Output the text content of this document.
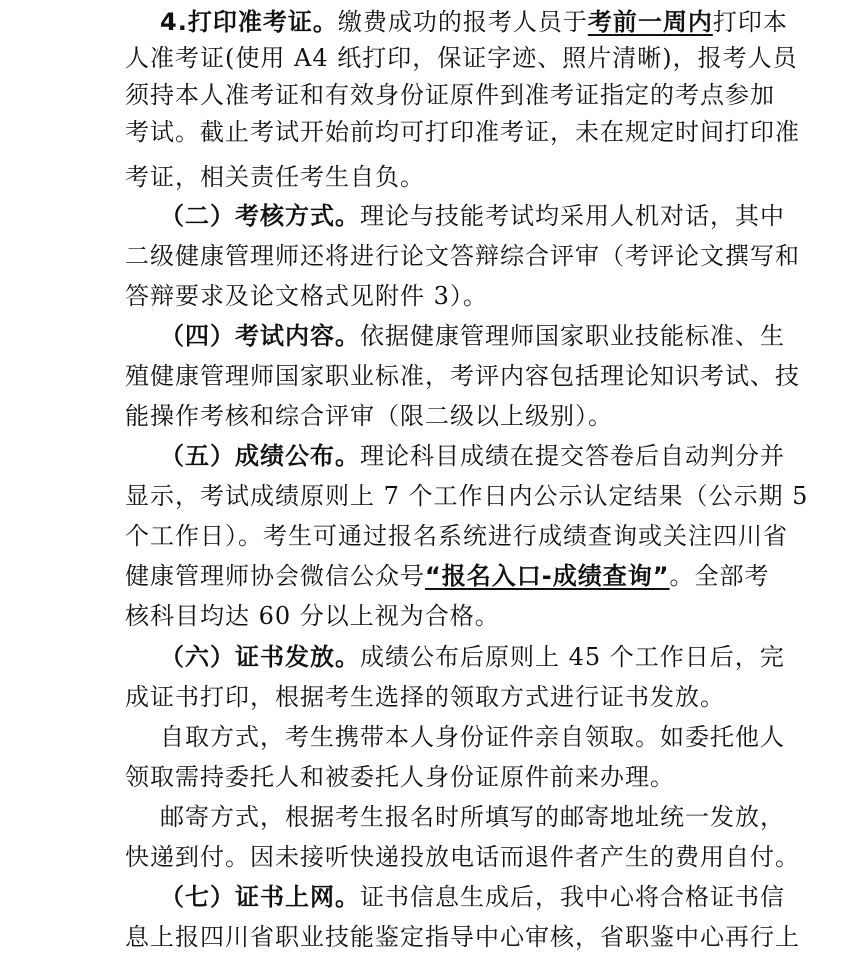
4.打印准考证。缴费成功的报考人员于考前一周内打印本
人准考证(使用 A4 纸打印，保证字迹、照片清晰)，报考人员
须持本人准考证和有效身份证原件到准考证指定的考点参加
考试。截止考试开始前均可打印准考证，未在规定时间打印准
考证，相关责任考生自负。
（二）考核方式。理论与技能考试均采用人机对话，其中
二级健康管理师还将进行论文答辩综合评审（考评论文撰写和
答辩要求及论文格式见附件 3）。
（四）考试内容。依据健康管理师国家职业技能标准、生
殖健康管理师国家职业标准，考评内容包括理论知识考试、技
能操作考核和综合评审（限二级以上级别）。
（五）成绩公布。理论科目成绩在提交答卷后自动判分并
显示，考试成绩原则上 7 个工作日内公示认定结果（公示期 5
个工作日）。考生可通过报名系统进行成绩查询或关注四川省
健康管理师协会微信公众号“报名入口-成绩查询”。全部考
核科目均达 60 分以上视为合格。
（六）证书发放。成绩公布后原则上 45 个工作日后，完
成证书打印，根据考生选择的领取方式进行证书发放。
自取方式，考生携带本人身份证件亲自领取。如委托他人
领取需持委托人和被委托人身份证原件前来办理。
邮寄方式，根据考生报名时所填写的邮寄地址统一发放，
快递到付。因未接听快递投放电话而退件者产生的费用自付。
（七）证书上网。证书信息生成后，我中心将合格证书信
息上报四川省职业技能鉴定指导中心审核，省职鉴中心再行上
